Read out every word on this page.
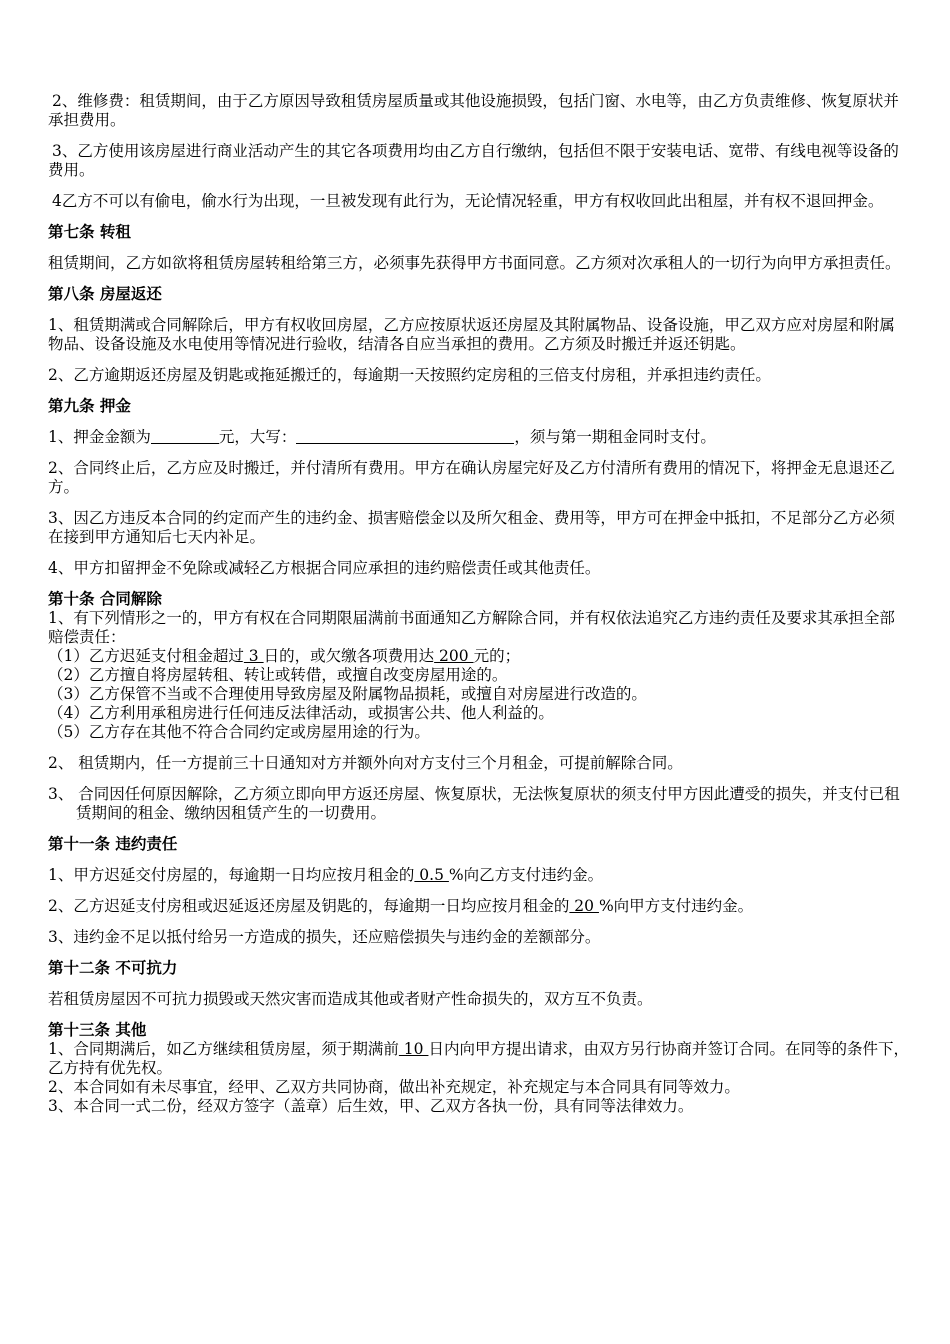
2、维修费：租赁期间，由于乙方原因导致租赁房屋质量或其他设施损毁，包括门窗、水电等，由乙方负责维修、恢复原状并承担费用。

3、乙方使用该房屋进行商业活动产生的其它各项费用均由乙方自行缴纳，包括但不限于安装电话、宽带、有线电视等设备的费用。

4乙方不可以有偷电，偷水行为出现，一旦被发现有此行为，无论情况轻重，甲方有权收回此出租屋，并有权不退回押金。

第七条 转租

租赁期间，乙方如欲将租赁房屋转租给第三方，必须事先获得甲方书面同意。乙方须对次承租人的一切行为向甲方承担责任。

第八条 房屋返还

1、租赁期满或合同解除后，甲方有权收回房屋，乙方应按原状返还房屋及其附属物品、设备设施，甲乙双方应对房屋和附属物品、设备设施及水电使用等情况进行验收，结清各自应当承担的费用。乙方须及时搬迁并返还钥匙。

2、乙方逾期返还房屋及钥匙或拖延搬迁的，每逾期一天按照约定房租的三倍支付房租，并承担违约责任。

第九条 押金

1、押金金额为	元，大写：	，须与第一期租金同时支付。

2、合同终止后，乙方应及时搬迁，并付清所有费用。甲方在确认房屋完好及乙方付清所有费用的情况下，将押金无息退还乙方。

3、因乙方违反本合同的约定而产生的违约金、损害赔偿金以及所欠租金、费用等，甲方可在押金中抵扣，不足部分乙方必须在接到甲方通知后七天内补足。

4、甲方扣留押金不免除或减轻乙方根据合同应承担的违约赔偿责任或其他责任。

第十条 合同解除

1、有下列情形之一的，甲方有权在合同期限届满前书面通知乙方解除合同，并有权依法追究乙方违约责任及要求其承担全部赔偿责任：

（1）乙方迟延支付租金超过 3 日的，或欠缴各项费用达 200 元的；

（2）乙方擅自将房屋转租、转让或转借，或擅自改变房屋用途的。

（3）乙方保管不当或不合理使用导致房屋及附属物品损耗，或擅自对房屋进行改造的。

（4）乙方利用承租房进行任何违反法律活动，或损害公共、他人利益的。

（5）乙方存在其他不符合合同约定或房屋用途的行为。

2、 租赁期内，任一方提前三十日通知对方并额外向对方支付三个月租金，可提前解除合同。

3、 合同因任何原因解除，乙方须立即向甲方返还房屋、恢复原状，无法恢复原状的须支付甲方因此遭受的损失，并支付已租赁期间的租金、缴纳因租赁产生的一切费用。

第十一条 违约责任

1、甲方迟延交付房屋的，每逾期一日均应按月租金的 0.5 %向乙方支付违约金。

2、乙方迟延支付房租或迟延返还房屋及钥匙的，每逾期一日均应按月租金的 20 %向甲方支付违约金。

3、违约金不足以抵付给另一方造成的损失，还应赔偿损失与违约金的差额部分。

第十二条 不可抗力

若租赁房屋因不可抗力损毁或天然灾害而造成其他或者财产性命损失的，双方互不负责。

第十三条 其他

1、合同期满后，如乙方继续租赁房屋，须于期满前 10 日内向甲方提出请求，由双方另行协商并签订合同。在同等的条件下，乙方持有优先权。

2、本合同如有未尽事宜，经甲、乙双方共同协商，做出补充规定，补充规定与本合同具有同等效力。

3、本合同一式二份，经双方签字（盖章）后生效，甲、乙双方各执一份，具有同等法律效力。
